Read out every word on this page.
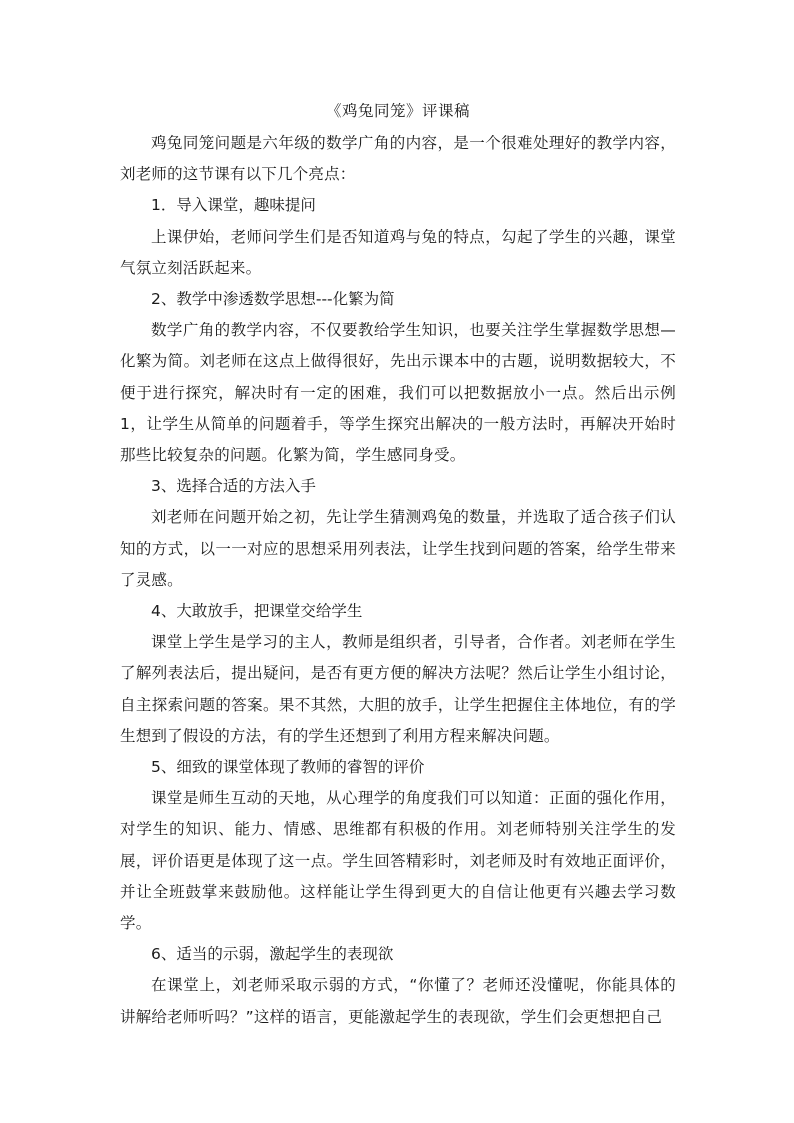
《鸡兔同笼》评课稿

鸡兔同笼问题是六年级的数学广角的内容，是一个很难处理好的教学内容，刘老师的这节课有以下几个亮点：

1．导入课堂，趣味提问

上课伊始，老师问学生们是否知道鸡与兔的特点，勾起了学生的兴趣，课堂气氛立刻活跃起来。

2、教学中渗透数学思想---化繁为简

数学广角的教学内容，不仅要教给学生知识，也要关注学生掌握数学思想—化繁为简。刘老师在这点上做得很好，先出示课本中的古题，说明数据较大，不便于进行探究，解决时有一定的困难，我们可以把数据放小一点。然后出示例1，让学生从简单的问题着手，等学生探究出解决的一般方法时，再解决开始时那些比较复杂的问题。化繁为简，学生感同身受。

3、选择合适的方法入手

刘老师在问题开始之初，先让学生猜测鸡兔的数量，并选取了适合孩子们认知的方式，以一一对应的思想采用列表法，让学生找到问题的答案，给学生带来了灵感。

4、大敢放手，把课堂交给学生

课堂上学生是学习的主人，教师是组织者，引导者，合作者。刘老师在学生了解列表法后，提出疑问，是否有更方便的解决方法呢？然后让学生小组讨论，自主探索问题的答案。果不其然，大胆的放手，让学生把握住主体地位，有的学生想到了假设的方法，有的学生还想到了利用方程来解决问题。

5、细致的课堂体现了教师的睿智的评价

课堂是师生互动的天地，从心理学的角度我们可以知道：正面的强化作用，对学生的知识、能力、情感、思维都有积极的作用。刘老师特别关注学生的发展，评价语更是体现了这一点。学生回答精彩时，刘老师及时有效地正面评价，并让全班鼓掌来鼓励他。这样能让学生得到更大的自信让他更有兴趣去学习数学。

6、适当的示弱，激起学生的表现欲

在课堂上，刘老师采取示弱的方式，“你懂了？老师还没懂呢，你能具体的讲解给老师听吗？”这样的语言，更能激起学生的表现欲，学生们会更想把自己
